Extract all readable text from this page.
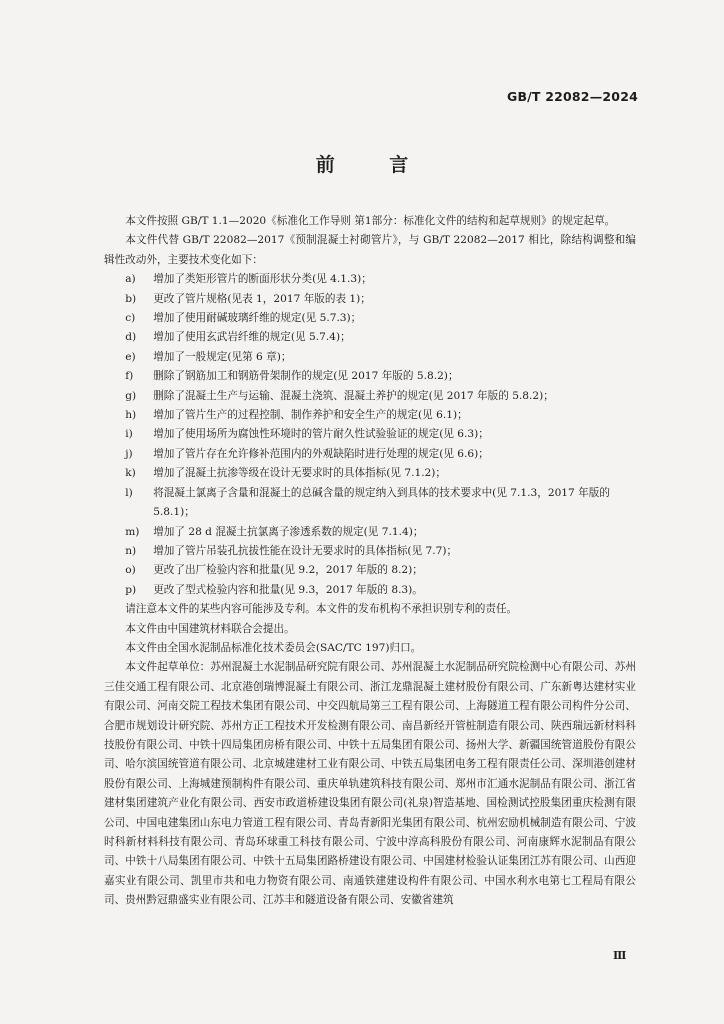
GB/T 22082—2024
前 言

本文件按照 GB/T 1.1—2020《标准化工作导则 第1部分：标准化文件的结构和起草规则》的规定起草。

本文件代替 GB/T 22082—2017《预制混凝土衬砌管片》，与 GB/T 22082—2017 相比，除结构调整和编辑性改动外，主要技术变化如下：

a)	增加了类矩形管片的断面形状分类(见 4.1.3)；
b)	更改了管片规格(见表 1，2017 年版的表 1)；
c)	增加了使用耐碱玻璃纤维的规定(见 5.7.3)；
d)	增加了使用玄武岩纤维的规定(见 5.7.4)；
e)	增加了一般规定(见第 6 章)；
f)	删除了钢筋加工和钢筋骨架制作的规定(见 2017 年版的 5.8.2)；
g)	删除了混凝土生产与运输、混凝土浇筑、混凝土养护的规定(见 2017 年版的 5.8.2)；
h)	增加了管片生产的过程控制、制作养护和安全生产的规定(见 6.1)；
i)	增加了使用场所为腐蚀性环境时的管片耐久性试验验证的规定(见 6.3)；
j)	增加了管片存在允许修补范围内的外观缺陷时进行处理的规定(见 6.6)；
k)	增加了混凝土抗渗等级在设计无要求时的具体指标(见 7.1.2)；
l)	将混凝土氯离子含量和混凝土的总碱含量的规定纳入到具体的技术要求中(见 7.1.3，2017 年版的 5.8.1)；
m)	增加了 28 d 混凝土抗氯离子渗透系数的规定(见 7.1.4)；
n)	增加了管片吊装孔抗拔性能在设计无要求时的具体指标(见 7.7)；
o)	更改了出厂检验内容和批量(见 9.2，2017 年版的 8.2)；
p)	更改了型式检验内容和批量(见 9.3，2017 年版的 8.3)。

请注意本文件的某些内容可能涉及专利。本文件的发布机构不承担识别专利的责任。

本文件由中国建筑材料联合会提出。

本文件由全国水泥制品标准化技术委员会(SAC/TC 197)归口。

本文件起草单位：苏州混凝土水泥制品研究院有限公司、苏州混凝土水泥制品研究院检测中心有限公司、苏州三佳交通工程有限公司、北京港创瑞博混凝土有限公司、浙江龙鼎混凝土建材股份有限公司、广东新粤达建材实业有限公司、河南交院工程技术集团有限公司、中交四航局第三工程有限公司、上海隧道工程有限公司构件分公司、合肥市规划设计研究院、苏州方正工程技术开发检测有限公司、南昌新经开管桩制造有限公司、陕西瑞远新材料科技股份有限公司、中铁十四局集团房桥有限公司、中铁十五局集团有限公司、扬州大学、新疆国统管道股份有限公司、哈尔滨国统管道有限公司、北京城建建材工业有限公司、中铁五局集团电务工程有限责任公司、深圳港创建材股份有限公司、上海城建预制构件有限公司、重庆单轨建筑科技有限公司、郑州市汇通水泥制品有限公司、浙江省建材集团建筑产业化有限公司、西安市政道桥建设集团有限公司(礼泉)智造基地、国检测试控股集团重庆检测有限公司、中国电建集团山东电力管道工程有限公司、青岛青新阳光集团有限公司、杭州宏励机械制造有限公司、宁波时科新材料科技有限公司、青岛环球重工科技有限公司、宁波中淳高科股份有限公司、河南康辉水泥制品有限公司、中铁十八局集团有限公司、中铁十五局集团路桥建设有限公司、中国建材检验认证集团江苏有限公司、山西迎嘉实业有限公司、凯里市共和电力物资有限公司、南通铁建建设构件有限公司、中国水利水电第七工程局有限公司、贵州黔冠鼎盛实业有限公司、江苏丰和隧道设备有限公司、安徽省建筑

Ⅲ
